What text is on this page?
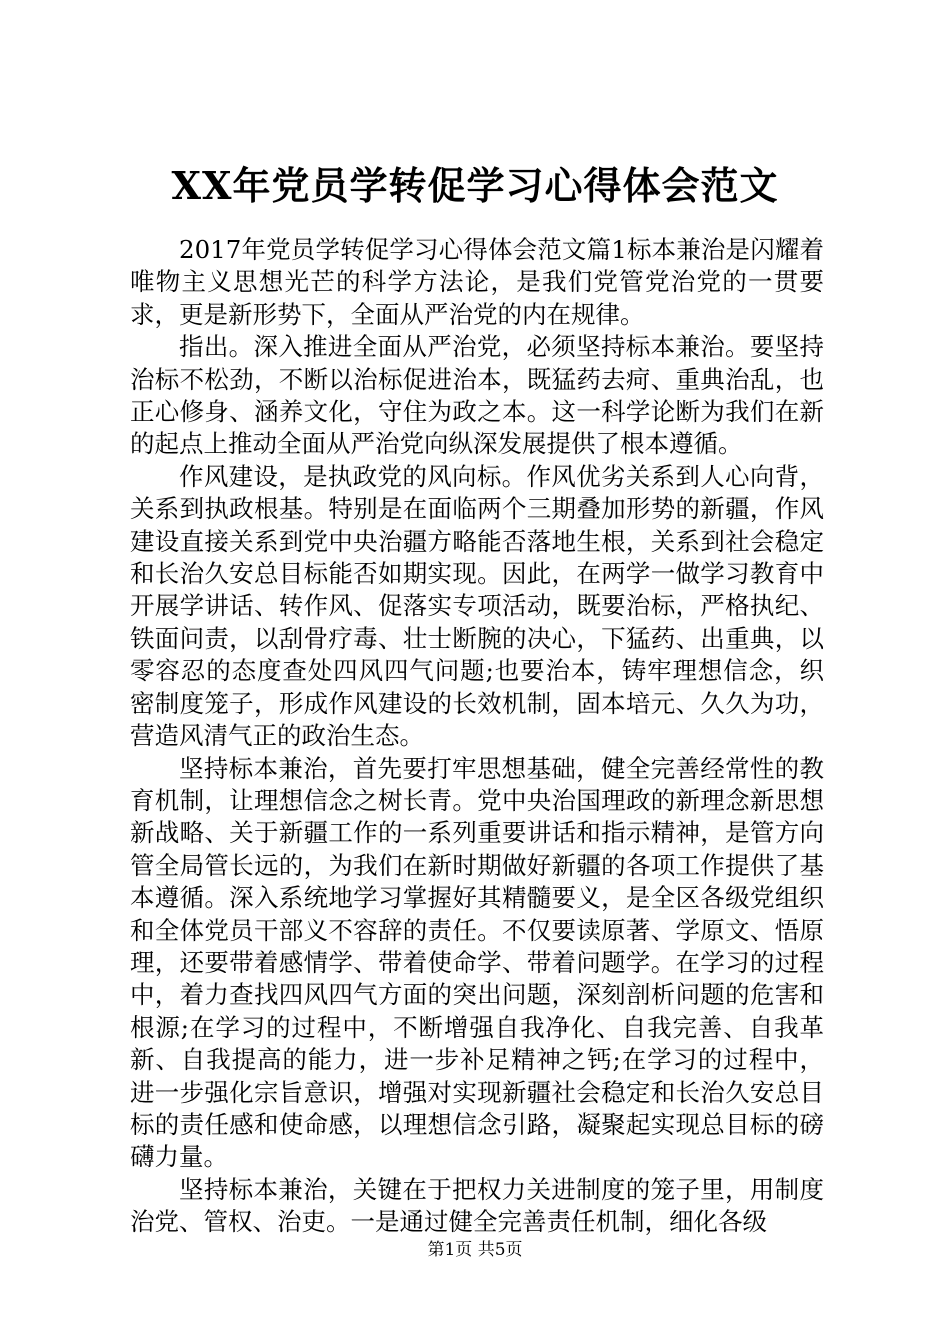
XX年党员学转促学习心得体会范文

2017年党员学转促学习心得体会范文篇1标本兼治是闪耀着唯物主义思想光芒的科学方法论，是我们党管党治党的一贯要求，更是新形势下，全面从严治党的内在规律。

指出。深入推进全面从严治党，必须坚持标本兼治。要坚持治标不松劲，不断以治标促进治本，既猛药去疴、重典治乱，也正心修身、涵养文化，守住为政之本。这一科学论断为我们在新的起点上推动全面从严治党向纵深发展提供了根本遵循。

作风建设，是执政党的风向标。作风优劣关系到人心向背，关系到执政根基。特别是在面临两个三期叠加形势的新疆，作风建设直接关系到党中央治疆方略能否落地生根，关系到社会稳定和长治久安总目标能否如期实现。因此，在两学一做学习教育中开展学讲话、转作风、促落实专项活动，既要治标，严格执纪、铁面问责，以刮骨疗毒、壮士断腕的决心，下猛药、出重典，以零容忍的态度查处四风四气问题;也要治本，铸牢理想信念，织密制度笼子，形成作风建设的长效机制，固本培元、久久为功，营造风清气正的政治生态。

坚持标本兼治，首先要打牢思想基础，健全完善经常性的教育机制，让理想信念之树长青。党中央治国理政的新理念新思想新战略、关于新疆工作的一系列重要讲话和指示精神，是管方向管全局管长远的，为我们在新时期做好新疆的各项工作提供了基本遵循。深入系统地学习掌握好其精髓要义，是全区各级党组织和全体党员干部义不容辞的责任。不仅要读原著、学原文、悟原理，还要带着感情学、带着使命学、带着问题学。在学习的过程中，着力查找四风四气方面的突出问题，深刻剖析问题的危害和根源;在学习的过程中，不断增强自我净化、自我完善、自我革新、自我提高的能力，进一步补足精神之钙;在学习的过程中，进一步强化宗旨意识，增强对实现新疆社会稳定和长治久安总目标的责任感和使命感，以理想信念引路，凝聚起实现总目标的磅礴力量。

坚持标本兼治，关键在于把权力关进制度的笼子里，用制度治党、管权、治吏。一是通过健全完善责任机制，细化各级

第1页 共5页
